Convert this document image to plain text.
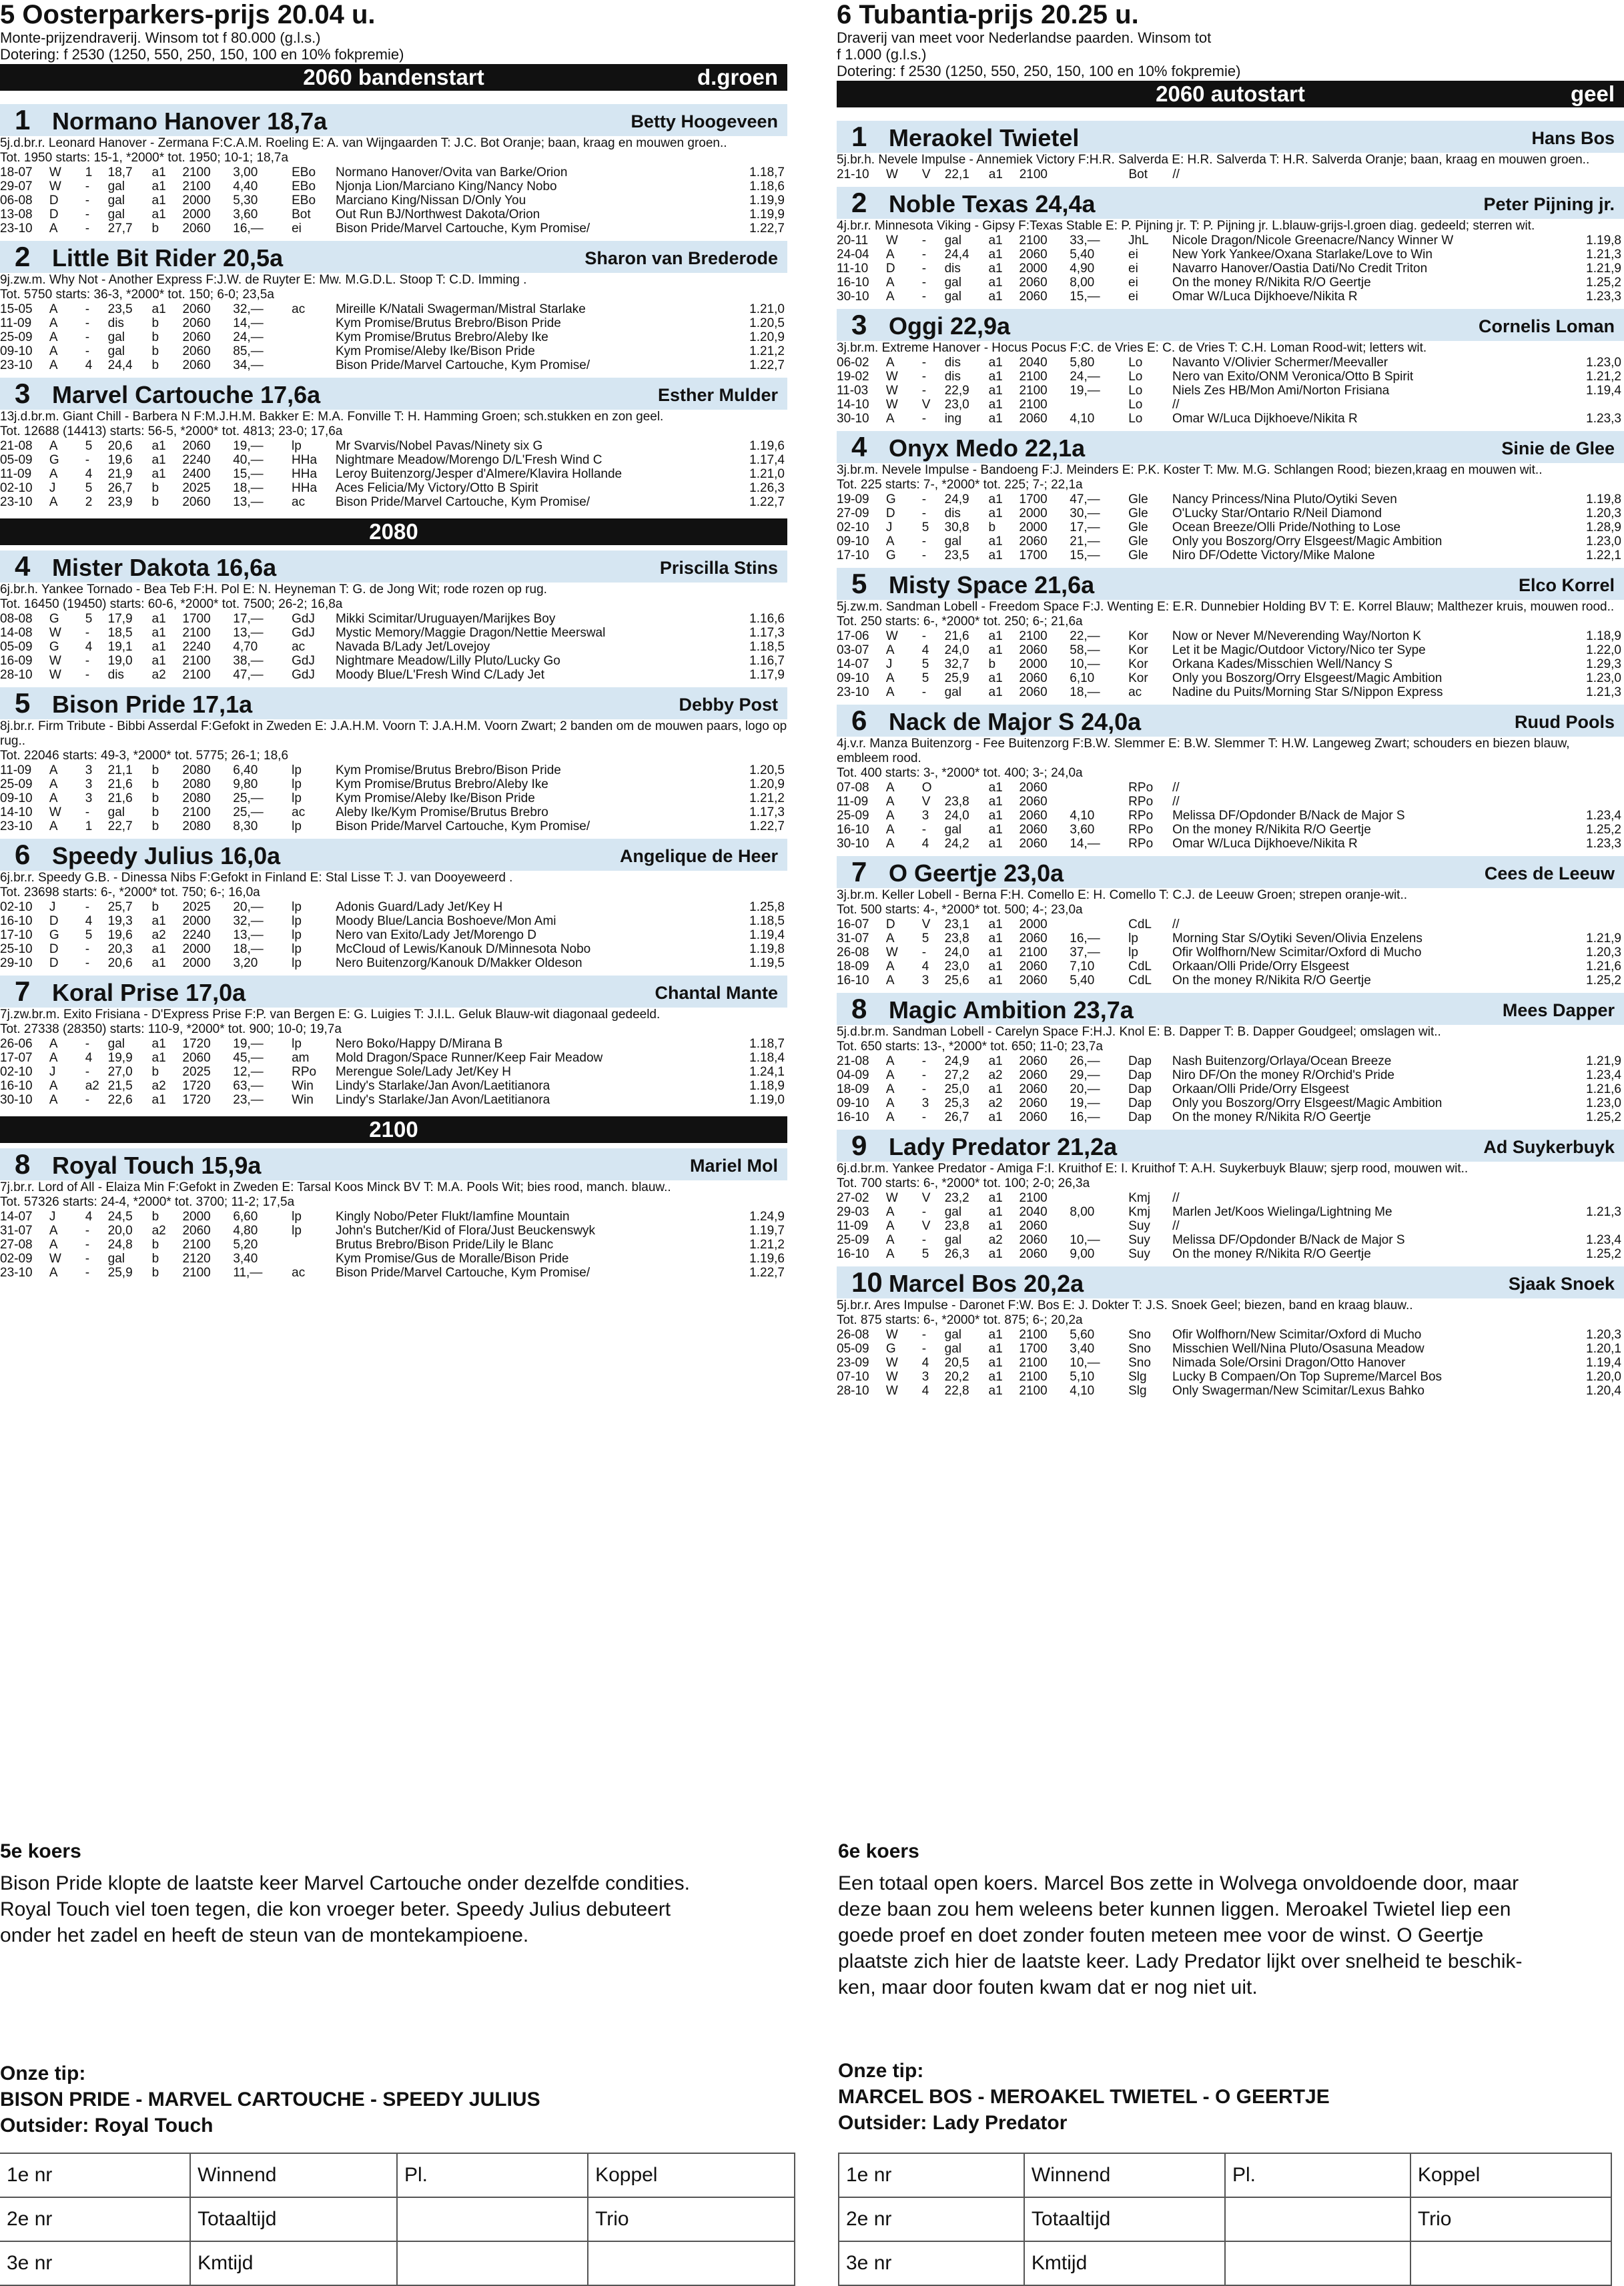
5 Oosterparkers-prijs 20.04 u.
Monte-prijzendraverij. Winsom tot f 80.000 (g.l.s.)
Dotering: f 2530 (1250, 550, 250, 150, 100 en 10% fokpremie)
2060 bandenstart	d.groen
1 Normano Hanover 18,7a	Betty Hoogeveen
5j.d.br.r. Leonard Hanover - Zermana F:C.A.M. Roeling E: A. van Wijngaarden T: J.C. Bot Oranje; baan, kraag en mouwen groen..
Tot. 1950 starts: 15-1, *2000* tot. 1950; 10-1; 18,7a
18-07	W	1	18,7	a1	2100	3,00	EBo	Normano Hanover/Ovita van Barke/Orion	1.18,7
29-07	W	-	gal	a1	2100	4,40	EBo	Njonja Lion/Marciano King/Nancy Nobo	1.18,6
06-08	D	-	gal	a1	2000	5,30	EBo	Marciano King/Nissan D/Only You	1.19,9
13-08	D	-	gal	a1	2000	3,60	Bot	Out Run BJ/Northwest Dakota/Orion	1.19,9
23-10	A	-	27,7	b	2060	16,—	ei	Bison Pride/Marvel Cartouche, Kym Promise/	1.22,7
2 Little Bit Rider 20,5a	Sharon van Brederode
9j.zw.m. Why Not - Another Express F:J.W. de Ruyter E: Mw. M.G.D.L. Stoop T: C.D. Imming .
Tot. 5750 starts: 36-3, *2000* tot. 150; 6-0; 23,5a
15-05	A	-	23,5	a1	2060	32,—	ac	Mireille K/Natali Swagerman/Mistral Starlake	1.21,0
11-09	A	-	dis	b	2060	14,—		Kym Promise/Brutus Brebro/Bison Pride	1.20,5
25-09	A	-	gal	b	2060	24,—		Kym Promise/Brutus Brebro/Aleby Ike	1.20,9
09-10	A	-	gal	b	2060	85,—		Kym Promise/Aleby Ike/Bison Pride	1.21,2
23-10	A	4	24,4	b	2060	34,—		Bison Pride/Marvel Cartouche, Kym Promise/	1.22,7
3 Marvel Cartouche 17,6a	Esther Mulder
13j.d.br.m. Giant Chill - Barbera N F:M.J.H.M. Bakker E: M.A. Fonville T: H. Hamming Groen; sch.stukken en zon geel.
Tot. 12688 (14413) starts: 56-5, *2000* tot. 4813; 23-0; 17,6a
21-08	A	5	20,6	a1	2060	19,—	lp	Mr Svarvis/Nobel Pavas/Ninety six G	1.19,6
05-09	G	-	19,6	a1	2240	40,—	HHa	Nightmare Meadow/Morengo D/L'Fresh Wind C	1.17,4
11-09	A	4	21,9	a1	2400	15,—	HHa	Leroy Buitenzorg/Jesper d'Almere/Klavira Hollande	1.21,0
02-10	J	5	26,7	b	2025	18,—	HHa	Aces Felicia/My Victory/Otto B Spirit	1.26,3
23-10	A	2	23,9	b	2060	13,—	ac	Bison Pride/Marvel Cartouche, Kym Promise/	1.22,7
2080
4 Mister Dakota 16,6a	Priscilla Stins
6j.br.h. Yankee Tornado - Bea Teb F:H. Pol E: N. Heyneman T: G. de Jong Wit; rode rozen op rug.
Tot. 16450 (19450) starts: 60-6, *2000* tot. 7500; 26-2; 16,8a
08-08	G	5	17,9	a1	1700	17,—	GdJ	Mikki Scimitar/Uruguayen/Marijkes Boy	1.16,6
14-08	W	-	18,5	a1	2100	13,—	GdJ	Mystic Memory/Maggie Dragon/Nettie Meerswal	1.17,3
05-09	G	4	19,1	a1	2240	4,70	ac	Navada B/Lady Jet/Lovejoy	1.18,5
16-09	W	-	19,0	a1	2100	38,—	GdJ	Nightmare Meadow/Lilly Pluto/Lucky Go	1.16,7
28-10	W	-	dis	a2	2100	47,—	GdJ	Moody Blue/L'Fresh Wind C/Lady Jet	1.17,9
5 Bison Pride 17,1a	Debby Post
8j.br.r. Firm Tribute - Bibbi Asserdal F:Gefokt in Zweden E: J.A.H.M. Voorn T: J.A.H.M. Voorn Zwart; 2 banden om de mouwen paars, logo op rug..
Tot. 22046 starts: 49-3, *2000* tot. 5775; 26-1; 18,6
11-09	A	3	21,1	b	2080	6,40	lp	Kym Promise/Brutus Brebro/Bison Pride	1.20,5
25-09	A	3	21,6	b	2080	9,80	lp	Kym Promise/Brutus Brebro/Aleby Ike	1.20,9
09-10	A	3	21,6	b	2080	25,—	lp	Kym Promise/Aleby Ike/Bison Pride	1.21,2
14-10	W	-	gal	b	2100	25,—	ac	Aleby Ike/Kym Promise/Brutus Brebro	1.17,3
23-10	A	1	22,7	b	2080	8,30	lp	Bison Pride/Marvel Cartouche, Kym Promise/	1.22,7
6 Speedy Julius 16,0a	Angelique de Heer
6j.br.r. Speedy G.B. - Dinessa Nibs F:Gefokt in Finland E: Stal Lisse T: J. van Dooyeweerd .
Tot. 23698 starts: 6-, *2000* tot. 750; 6-; 16,0a
02-10	J	-	25,7	b	2025	20,—	lp	Adonis Guard/Lady Jet/Key H	1.25,8
16-10	D	4	19,3	a1	2000	32,—	lp	Moody Blue/Lancia Boshoeve/Mon Ami	1.18,5
17-10	G	5	19,6	a2	2240	13,—	lp	Nero van Exito/Lady Jet/Morengo D	1.19,4
25-10	D	-	20,3	a1	2000	18,—	lp	McCloud of Lewis/Kanouk D/Minnesota Nobo	1.19,8
29-10	D	-	20,6	a1	2000	3,20	lp	Nero Buitenzorg/Kanouk D/Makker Oldeson	1.19,5
7 Koral Prise 17,0a	Chantal Mante
7j.zw.br.m. Exito Frisiana - D'Express Prise F:P. van Bergen E: G. Luigies T: J.I.L. Geluk Blauw-wit diagonaal gedeeld.
Tot. 27338 (28350) starts: 110-9, *2000* tot. 900; 10-0; 19,7a
26-06	A	-	gal	a1	1720	19,—	lp	Nero Boko/Happy D/Mirana B	1.18,7
17-07	A	4	19,9	a1	2060	45,—	am	Mold Dragon/Space Runner/Keep Fair Meadow	1.18,4
02-10	J	-	27,0	b	2025	12,—	RPo	Merengue Sole/Lady Jet/Key H	1.24,1
16-10	A	a2	21,5	a2	1720	63,—	Win	Lindy's Starlake/Jan Avon/Laetitianora	1.18,9
30-10	A	-	22,6	a1	1720	23,—	Win	Lindy's Starlake/Jan Avon/Laetitianora	1.19,0
2100
8 Royal Touch 15,9a	Mariel Mol
7j.br.r. Lord of All - Elaiza Min F:Gefokt in Zweden E: Tarsal Koos Minck BV T: M.A. Pools Wit; bies rood, manch. blauw..
Tot. 57326 starts: 24-4, *2000* tot. 3700; 11-2; 17,5a
14-07	J	4	24,5	b	2000	6,60	lp	Kingly Nobo/Peter Flukt/Iamfine Mountain	1.24,9
31-07	A	-	20,0	a2	2060	4,80	lp	John's Butcher/Kid of Flora/Just Beuckenswyk	1.19,7
27-08	A	-	24,8	b	2100	5,20		Brutus Brebro/Bison Pride/Lily le Blanc	1.21,2
02-09	W	-	gal	b	2120	3,40		Kym Promise/Gus de Moralle/Bison Pride	1.19,6
23-10	A	-	25,9	b	2100	11,—	ac	Bison Pride/Marvel Cartouche, Kym Promise/	1.22,7
6 Tubantia-prijs 20.25 u.
Draverij van meet voor Nederlandse paarden. Winsom tot
f 1.000 (g.l.s.)
Dotering: f 2530 (1250, 550, 250, 150, 100 en 10% fokpremie)
2060 autostart	geel
1 Meraokel Twietel	Hans Bos
5j.br.h. Nevele Impulse - Annemiek Victory F:H.R. Salverda E: H.R. Salverda T: H.R. Salverda Oranje; baan, kraag en mouwen groen..
21-10	W	V	22,1	a1	2100		Bot	//	
2 Noble Texas 24,4a	Peter Pijning jr.
4j.br.r. Minnesota Viking - Gipsy F:Texas Stable E: P. Pijning jr. T: P. Pijning jr. L.blauw-grijs-l.groen diag. gedeeld; sterren wit.
20-11	W	-	gal	a1	2100	33,—	JhL	Nicole Dragon/Nicole Greenacre/Nancy Winner W	1.19,8
24-04	A	-	24,4	a1	2060	5,40	ei	New York Yankee/Oxana Starlake/Love to Win	1.21,3
11-10	D	-	dis	a1	2000	4,90	ei	Navarro Hanover/Oastia Dati/No Credit Triton	1.21,9
16-10	A	-	gal	a1	2060	8,00	ei	On the money R/Nikita R/O Geertje	1.25,2
30-10	A	-	gal	a1	2060	15,—	ei	Omar W/Luca Dijkhoeve/Nikita R	1.23,3
3 Oggi 22,9a	Cornelis Loman
3j.br.m. Extreme Hanover - Hocus Pocus F:C. de Vries E: C. de Vries T: C.H. Loman Rood-wit; letters wit.
06-02	A	-	dis	a1	2040	5,80	Lo	Navanto V/Olivier Schermer/Meevaller	1.23,0
19-02	W	-	dis	a1	2100	24,—	Lo	Nero van Exito/ONM Veronica/Otto B Spirit	1.21,2
11-03	W	-	22,9	a1	2100	19,—	Lo	Niels Zes HB/Mon Ami/Norton Frisiana	1.19,4
14-10	W	V	23,0	a1	2100		Lo	//	
30-10	A	-	ing	a1	2060	4,10	Lo	Omar W/Luca Dijkhoeve/Nikita R	1.23,3
4 Onyx Medo 22,1a	Sinie de Glee
3j.br.m. Nevele Impulse - Bandoeng F:J. Meinders E: P.K. Koster T: Mw. M.G. Schlangen Rood; biezen,kraag en mouwen wit..
Tot. 225 starts: 7-, *2000* tot. 225; 7-; 22,1a
19-09	G	-	24,9	a1	1700	47,—	Gle	Nancy Princess/Nina Pluto/Oytiki Seven	1.19,8
27-09	D	-	dis	a1	2000	30,—	Gle	O'Lucky Star/Ontario R/Neil Diamond	1.20,3
02-10	J	5	30,8	b	2000	17,—	Gle	Ocean Breeze/Olli Pride/Nothing to Lose	1.28,9
09-10	A	-	gal	a1	2060	21,—	Gle	Only you Boszorg/Orry Elsgeest/Magic Ambition	1.23,0
17-10	G	-	23,5	a1	1700	15,—	Gle	Niro DF/Odette Victory/Mike Malone	1.22,1
5 Misty Space 21,6a	Elco Korrel
5j.zw.m. Sandman Lobell - Freedom Space F:J. Wenting E: E.R. Dunnebier Holding BV T: E. Korrel Blauw; Malthezer kruis, mouwen rood..
Tot. 250 starts: 6-, *2000* tot. 250; 6-; 21,6a
17-06	W	-	21,6	a1	2100	22,—	Kor	Now or Never M/Neverending Way/Norton K	1.18,9
03-07	A	4	24,0	a1	2060	58,—	Kor	Let it be Magic/Outdoor Victory/Nico ter Sype	1.22,0
14-07	J	5	32,7	b	2000	10,—	Kor	Orkana Kades/Misschien Well/Nancy S	1.29,3
09-10	A	5	25,9	a1	2060	6,10	Kor	Only you Boszorg/Orry Elsgeest/Magic Ambition	1.23,0
23-10	A	-	gal	a1	2060	18,—	ac	Nadine du Puits/Morning Star S/Nippon Express	1.21,3
6 Nack de Major S 24,0a	Ruud Pools
4j.v.r. Manza Buitenzorg - Fee Buitenzorg F:B.W. Slemmer E: B.W. Slemmer T: H.W. Langeweg Zwart; schouders en biezen blauw, embleem rood.
Tot. 400 starts: 3-, *2000* tot. 400; 3-; 24,0a
07-08	A	O		a1	2060		RPo	//	
11-09	A	V	23,8	a1	2060		RPo	//	
25-09	A	3	24,0	a1	2060	4,10	RPo	Melissa DF/Opdonder B/Nack de Major S	1.23,4
16-10	A	-	gal	a1	2060	3,60	RPo	On the money R/Nikita R/O Geertje	1.25,2
30-10	A	4	24,2	a1	2060	14,—	RPo	Omar W/Luca Dijkhoeve/Nikita R	1.23,3
7 O Geertje 23,0a	Cees de Leeuw
3j.br.m. Keller Lobell - Berna F:H. Comello E: H. Comello T: C.J. de Leeuw Groen; strepen oranje-wit..
Tot. 500 starts: 4-, *2000* tot. 500; 4-; 23,0a
16-07	D	V	23,1	a1	2000		CdL	//	
31-07	A	5	23,8	a1	2060	16,—	lp	Morning Star S/Oytiki Seven/Olivia Enzelens	1.21,9
26-08	W	-	24,0	a1	2100	37,—	lp	Ofir Wolfhorn/New Scimitar/Oxford di Mucho	1.20,3
18-09	A	4	23,0	a1	2060	7,10	CdL	Orkaan/Olli Pride/Orry Elsgeest	1.21,6
16-10	A	3	25,6	a1	2060	5,40	CdL	On the money R/Nikita R/O Geertje	1.25,2
8 Magic Ambition 23,7a	Mees Dapper
5j.d.br.m. Sandman Lobell - Carelyn Space F:H.J. Knol E: B. Dapper T: B. Dapper Goudgeel; omslagen wit..
Tot. 650 starts: 13-, *2000* tot. 650; 11-0; 23,7a
21-08	A	-	24,9	a1	2060	26,—	Dap	Nash Buitenzorg/Orlaya/Ocean Breeze	1.21,9
04-09	A	-	27,2	a2	2060	29,—	Dap	Niro DF/On the money R/Orchid's Pride	1.23,4
18-09	A	-	25,0	a1	2060	20,—	Dap	Orkaan/Olli Pride/Orry Elsgeest	1.21,6
09-10	A	3	25,3	a2	2060	19,—	Dap	Only you Boszorg/Orry Elsgeest/Magic Ambition	1.23,0
16-10	A	-	26,7	a1	2060	16,—	Dap	On the money R/Nikita R/O Geertje	1.25,2
9 Lady Predator 21,2a	Ad Suykerbuyk
6j.d.br.m. Yankee Predator - Amiga F:I. Kruithof E: I. Kruithof T: A.H. Suykerbuyk Blauw; sjerp rood, mouwen wit..
Tot. 700 starts: 6-, *2000* tot. 100; 2-0; 26,3a
27-02	W	V	23,2	a1	2100		Kmj	//	
29-03	A	-	gal	a1	2040	8,00	Kmj	Marlen Jet/Koos Wielinga/Lightning Me	1.21,3
11-09	A	V	23,8	a1	2060		Suy	//	
25-09	A	-	gal	a2	2060	10,—	Suy	Melissa DF/Opdonder B/Nack de Major S	1.23,4
16-10	A	5	26,3	a1	2060	9,00	Suy	On the money R/Nikita R/O Geertje	1.25,2
10 Marcel Bos 20,2a	Sjaak Snoek
5j.br.r. Ares Impulse - Daronet F:W. Bos E: J. Dokter T: J.S. Snoek Geel; biezen, band en kraag blauw..
Tot. 875 starts: 6-, *2000* tot. 875; 6-; 20,2a
26-08	W	-	gal	a1	2100	5,60	Sno	Ofir Wolfhorn/New Scimitar/Oxford di Mucho	1.20,3
05-09	G	-	gal	a1	1700	3,40	Sno	Misschien Well/Nina Pluto/Osasuna Meadow	1.20,1
23-09	W	4	20,5	a1	2100	10,—	Sno	Nimada Sole/Orsini Dragon/Otto Hanover	1.19,4
07-10	W	3	20,2	a1	2100	5,10	Slg	Lucky B Compaen/On Top Supreme/Marcel Bos	1.20,0
28-10	W	4	22,8	a1	2100	4,10	Slg	Only Swagerman/New Scimitar/Lexus Bahko	1.20,4
5e koers
Bison Pride klopte de laatste keer Marvel Cartouche onder dezelfde condities.
Royal Touch viel toen tegen, die kon vroeger beter. Speedy Julius debuteert
onder het zadel en heeft de steun van de montekampioene.
Onze tip:
BISON PRIDE - MARVEL CARTOUCHE - SPEEDY JULIUS
Outsider: Royal Touch
6e koers
Een totaal open koers. Marcel Bos zette in Wolvega onvoldoende door, maar
deze baan zou hem weleens beter kunnen liggen. Meroakel Twietel liep een
goede proef en doet zonder fouten meteen mee voor de winst. O Geertje
plaatste zich hier de laatste keer. Lady Predator lijkt over snelheid te beschik-
ken, maar door fouten kwam dat er nog niet uit.
Onze tip:
MARCEL BOS - MEROAKEL TWIETEL - O GEERTJE
Outsider: Lady Predator
1e nr	Winnend	Pl.	Koppel
2e nr	Totaaltijd		Trio
3e nr	Kmtijd		
1e nr	Winnend	Pl.	Koppel
2e nr	Totaaltijd		Trio
3e nr	Kmtijd		
